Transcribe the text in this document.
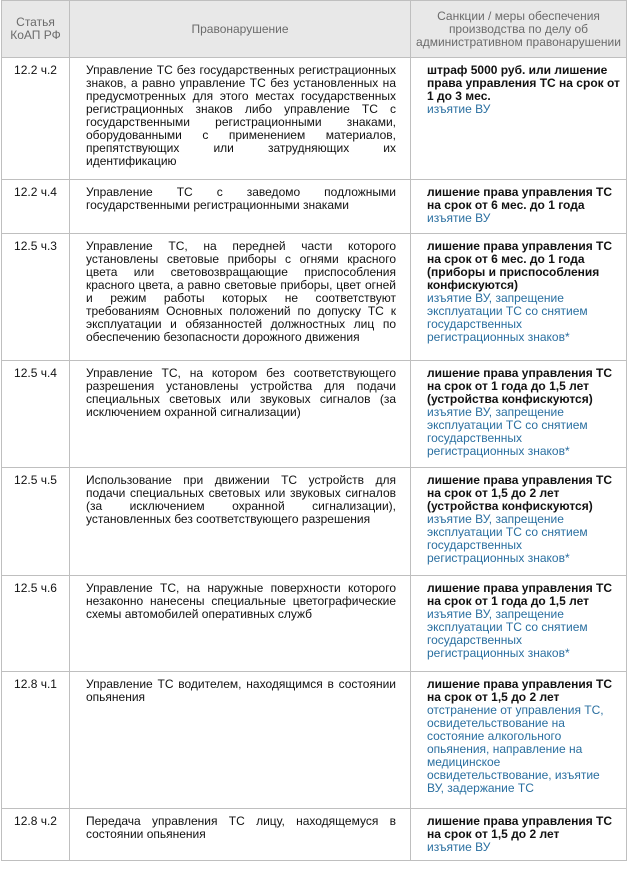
Статья КоАП РФ	Правонарушение	Санкции / меры обеспечения производства по делу об административном правонарушении
12.2 ч.2	Управление ТС без государственных регистрационных знаков, а равно управление ТС без установленных на предусмотренных для этого местах государственных регистрационных знаков либо управление ТС с государственными регистрационными знаками, оборудованными с применением материалов, препятствующих или затрудняющих их идентификацию	штраф 5000 руб. или лишение права управления ТС на срок от 1 до 3 мес.
изъятие ВУ

12.2 ч.4	Управление ТС с заведомо подложными государственными регистрационными знаками	лишение права управления ТС на срок от 6 мес. до 1 года
изъятие ВУ

12.5 ч.3	Управление ТС, на передней части которого установлены световые приборы с огнями красного цвета или световозвращающие приспособления красного цвета, а равно световые приборы, цвет огней и режим работы которых не соответствуют требованиям Основных положений по допуску ТС к эксплуатации и обязанностей должностных лиц по обеспечению безопасности дорожного движения	лишение права управления ТС на срок от 6 мес. до 1 года (приборы и приспособления конфискуются)
изъятие ВУ, запрещение эксплуатации ТС со снятием государственных регистрационных знаков*

12.5 ч.4	Управление ТС, на котором без соответствующего разрешения установлены устройства для подачи специальных световых или звуковых сигналов (за исключением охранной сигнализации)	лишение права управления ТС на срок от 1 года до 1,5 лет (устройства конфискуются)
изъятие ВУ, запрещение эксплуатации ТС со снятием государственных регистрационных знаков*

12.5 ч.5	Использование при движении ТС устройств для подачи специальных световых или звуковых сигналов (за исключением охранной сигнализации), установленных без соответствующего разрешения	лишение права управления ТС на срок от 1,5 до 2 лет (устройства конфискуются)
изъятие ВУ, запрещение эксплуатации ТС со снятием государственных регистрационных знаков*

12.5 ч.6	Управление ТС, на наружные поверхности которого незаконно нанесены специальные цветографические схемы автомобилей оперативных служб	лишение права управления ТС на срок от 1 года до 1,5 лет
изъятие ВУ, запрещение эксплуатации ТС со снятием государственных регистрационных знаков*

12.8 ч.1	Управление ТС водителем, находящимся в состоянии опьянения	лишение права управления ТС на срок от 1,5 до 2 лет
отстранение от управления ТС, освидетельствование на состояние алкогольного опьянения, направление на медицинское освидетельствование, изъятие ВУ, задержание ТС

12.8 ч.2	Передача управления ТС лицу, находящемуся в состоянии опьянения	лишение права управления ТС на срок от 1,5 до 2 лет
изъятие ВУ
